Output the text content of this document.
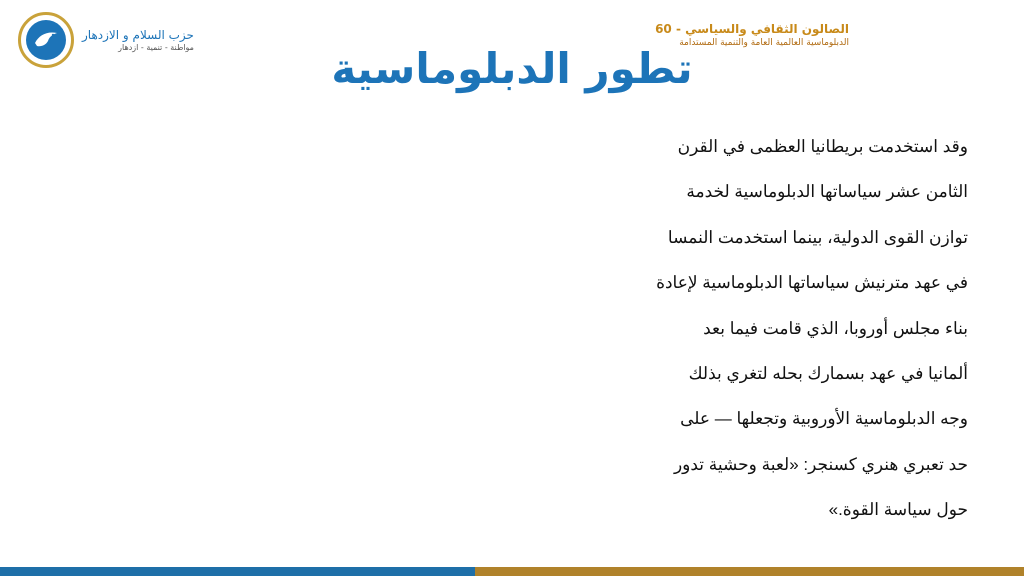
حزب السلام و الازدهار
مواطنة - تنمية - ازدهار
الصالون الثقافي والسياسي - 60
الدبلوماسية العالمية العامة والتنمية المستدامة
تطور الدبلوماسية
وقد استخدمت بريطانيا العظمى في القرن
الثامن عشر سياساتها الدبلوماسية لخدمة
توازن القوى الدولية، بينما استخدمت النمسا
في عهد مترنيش سياساتها الدبلوماسية لإعادة
بناء مجلس أوروبا، الذي قامت فيما بعد
ألمانيا في عهد بسمارك بحله لتغري بذلك
وجه الدبلوماسية الأوروبية وتجعلها — على
حد تعبري هنري كسنجر: «لعبة وحشية تدور
حول سياسة القوة.»
